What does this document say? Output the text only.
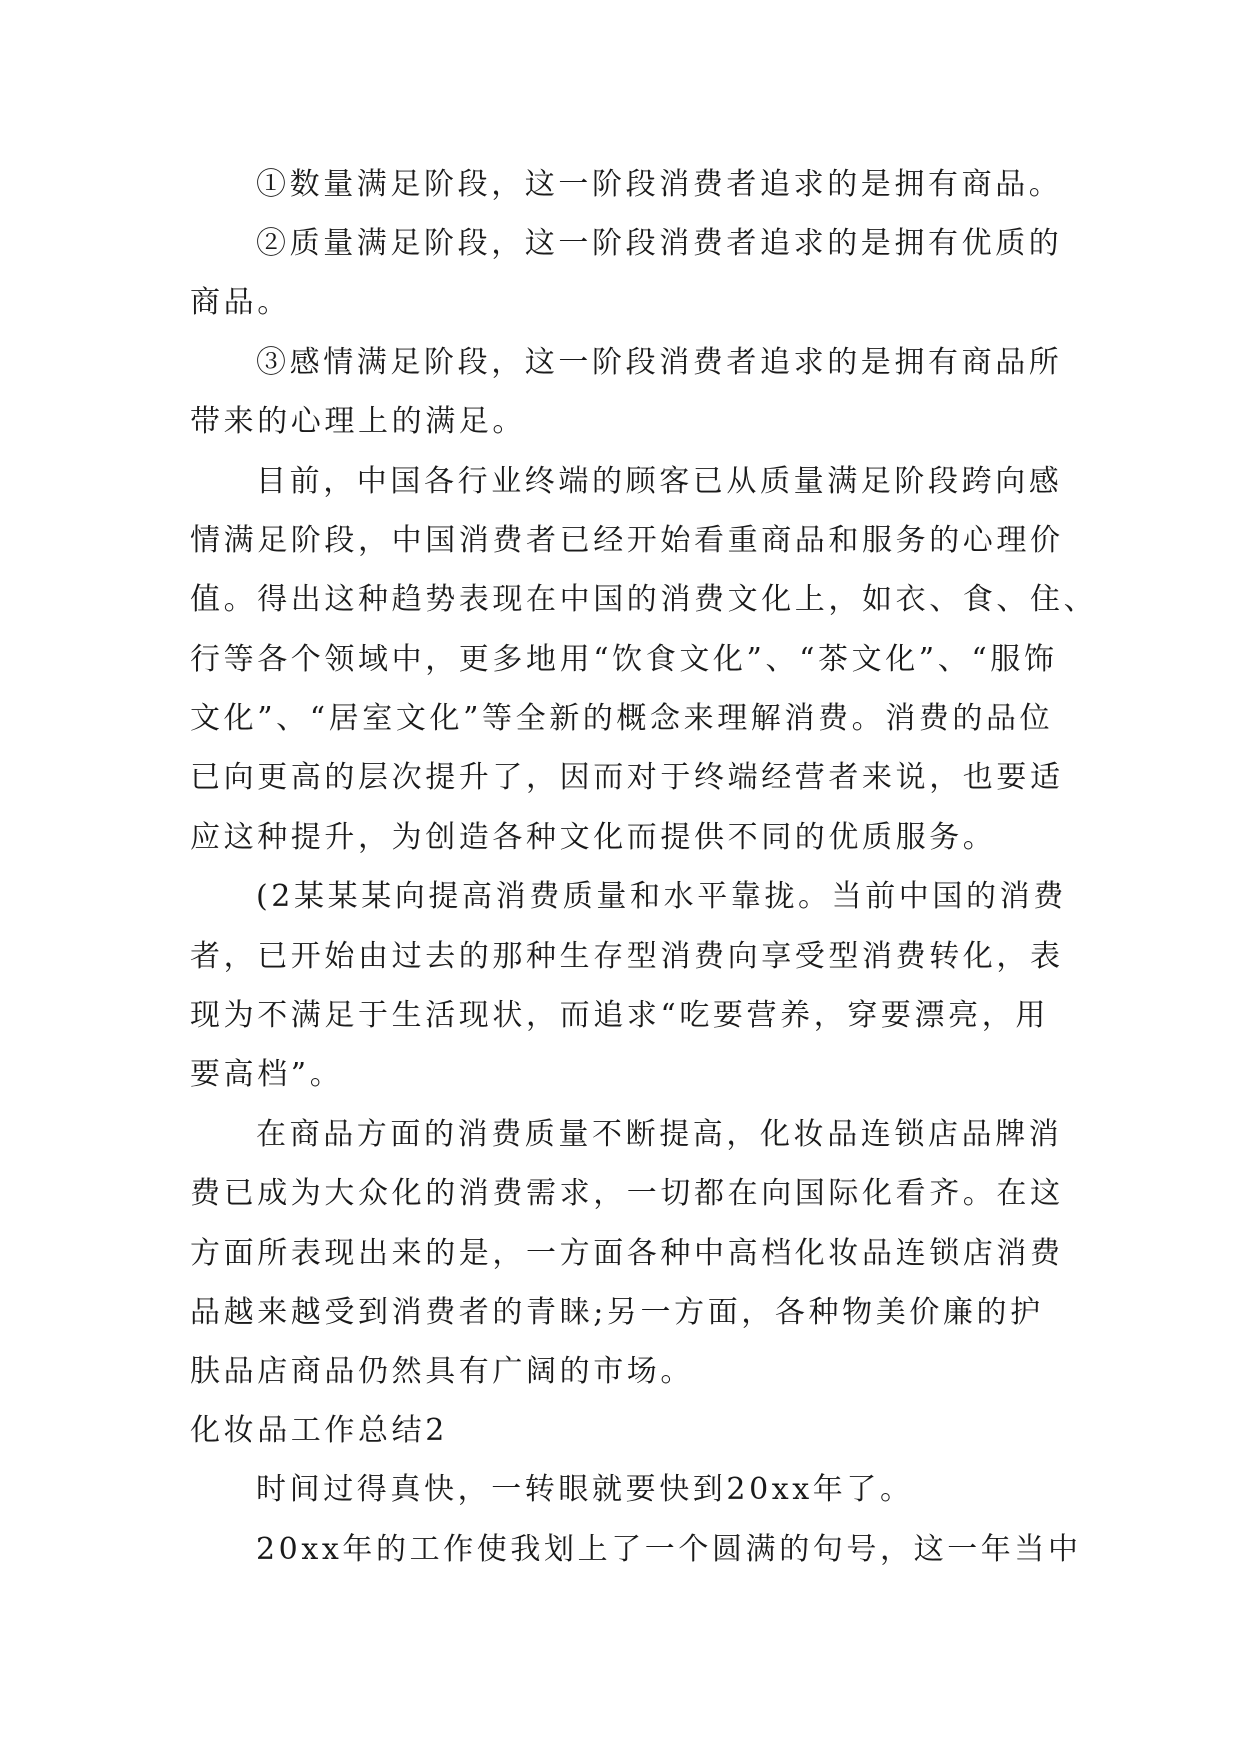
①数量满足阶段，这一阶段消费者追求的是拥有商品。
②质量满足阶段，这一阶段消费者追求的是拥有优质的
商品。
③感情满足阶段，这一阶段消费者追求的是拥有商品所
带来的心理上的满足。
目前，中国各行业终端的顾客已从质量满足阶段跨向感
情满足阶段，中国消费者已经开始看重商品和服务的心理价
值。得出这种趋势表现在中国的消费文化上，如衣、食、住、
行等各个领域中，更多地用“饮食文化”、“茶文化”、“服饰
文化”、“居室文化”等全新的概念来理解消费。消费的品位
已向更高的层次提升了，因而对于终端经营者来说，也要适
应这种提升，为创造各种文化而提供不同的优质服务。
(2某某某向提高消费质量和水平靠拢。当前中国的消费
者，已开始由过去的那种生存型消费向享受型消费转化，表
现为不满足于生活现状，而追求“吃要营养，穿要漂亮，用
要高档”。
在商品方面的消费质量不断提高，化妆品连锁店品牌消
费已成为大众化的消费需求，一切都在向国际化看齐。在这
方面所表现出来的是，一方面各种中高档化妆品连锁店消费
品越来越受到消费者的青睐;另一方面，各种物美价廉的护
肤品店商品仍然具有广阔的市场。
化妆品工作总结2
时间过得真快，一转眼就要快到20xx年了。
20xx年的工作使我划上了一个圆满的句号，这一年当中
